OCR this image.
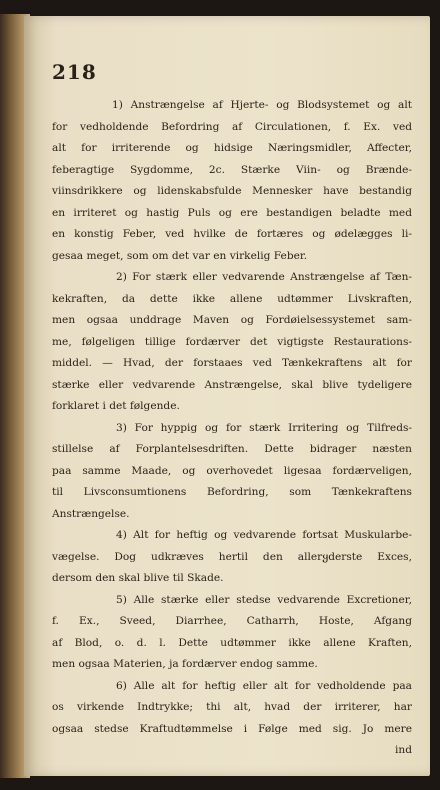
218
1) Anstrængelse af Hjerte- og Blodsystemet og alt
for vedholdende Befordring af Circulationen, f. Ex. ved
alt for irriterende og hidsige Næringsmidler, Affecter,
feberagtige Sygdomme, 2c. Stærke Viin- og Brænde-
viinsdrikkere og lidenskabsfulde Mennesker have bestandig
en irriteret og hastig Puls og ere bestandigen beladte med
en konstig Feber, ved hvilke de fortæres og ødelægges li-
gesaa meget, som om det var en virkelig Feber.
2) For stærk eller vedvarende Anstrængelse af Tæn-
kekraften, da dette ikke allene udtømmer Livskraften,
men ogsaa unddrage Maven og Fordøielsessystemet sam-
me, følgeligen tillige fordærver det vigtigste Restaurations-
middel. — Hvad, der forstaaes ved Tænkekraftens alt for
stærke eller vedvarende Anstrængelse, skal blive tydeligere
forklaret i det følgende.
3) For hyppig og for stærk Irritering og Tilfreds-
stillelse af Forplantelsesdriften. Dette bidrager næsten
paa samme Maade, og overhovedet ligesaa fordærveligen,
til Livsconsumtionens Befordring, som Tænkekraftens
Anstrængelse.
4) Alt for heftig og vedvarende fortsat Muskularbe-
vægelse. Dog udkræves hertil den allerყderste Exces,
dersom den skal blive til Skade.
5) Alle stærke eller stedse vedvarende Excretioner,
f. Ex., Sveed, Diarrhee, Catharrh, Hoste, Afgang
af Blod, o. d. l. Dette udtømmer ikke allene Kraften,
men ogsaa Materien, ja fordærver endog samme.
6) Alle alt for heftig eller alt for vedholdende paa
os virkende Indtrykke; thi alt, hvad der irriterer, har
ogsaa stedse Kraftudtømmelse i Følge med sig. Jo mere
ind
